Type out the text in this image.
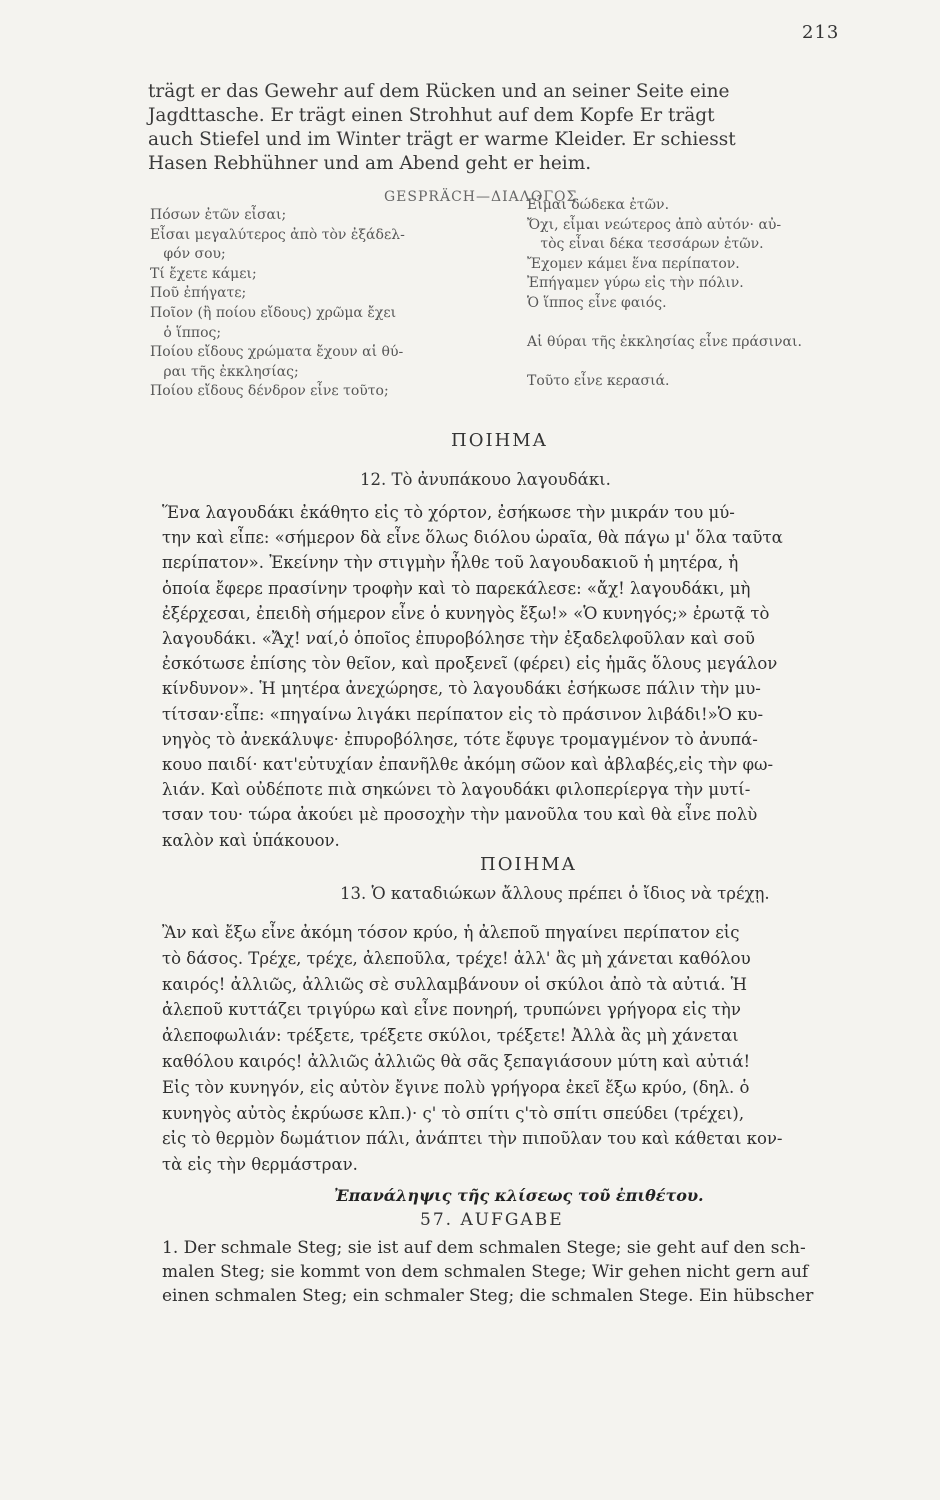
213
trägt er das Gewehr auf dem Rücken und an seiner Seite eine
Jagdttasche. Er trägt einen Strohhut auf dem Kopfe Er trägt
auch Stiefel und im Winter trägt er warme Kleider. Er schiesst
Hasen Rebhühner und am Abend geht er heim.
GESPRÄCH—ΔΙΑΛΟΓΟΣ
Πόσων ἐτῶν εἶσαι;
Εἶσαι μεγαλύτερος ἀπὸ τὸν ἐξάδελ-
φόν σου;
Τί ἔχετε κάμει;
Ποῦ ἐπήγατε;
Ποῖον (ἢ ποίου εἴδους) χρῶμα ἔχει
ὁ ἵππος;
Ποίου εἴδους χρώματα ἔχουν αἱ θύ-
ραι τῆς ἐκκλησίας;
Ποίου εἴδους δένδρον εἶνε τοῦτο;
Εἶμαι δώδεκα ἐτῶν.
Ὄχι, εἶμαι νεώτερος ἀπὸ αὐτόν· αὐ-
τὸς εἶναι δέκα τεσσάρων ἐτῶν.
Ἔχομεν κάμει ἕνα περίπατον.
Ἐπήγαμεν γύρω εἰς τὴν πόλιν.
Ὁ ἵππος εἶνε φαιός.

Αἱ θύραι τῆς ἐκκλησίας εἶνε πράσιναι.

Τοῦτο εἶνε κερασιά.
ΠΟΙΗΜΑ
12. Τὸ ἀνυπάκουο λαγουδάκι.
Ἕνα λαγουδάκι ἐκάθητο εἰς τὸ χόρτον, ἐσήκωσε τὴν μικράν του μύ-
την καὶ εἶπε: «σήμερον δὰ εἶνε ὅλως διόλου ὡραῖα, θὰ πάγω μ' ὅλα ταῦτα
περίπατον». Ἐκείνην τὴν στιγμὴν ἦλθε τοῦ λαγουδακιοῦ ἡ μητέρα, ἡ
ὁποία ἔφερε πρασίνην τροφὴν καὶ τὸ παρεκάλεσε: «ἄχ! λαγουδάκι, μὴ
ἐξέρχεσαι, ἐπειδὴ σήμερον εἶνε ὁ κυνηγὸς ἔξω!» «Ὁ κυνηγός;» ἐρωτᾷ τὸ
λαγουδάκι. «Ἄχ! ναί,ὁ ὁποῖος ἐπυροβόλησε τὴν ἐξαδελφοῦλαν καὶ σοῦ
ἐσκότωσε ἐπίσης τὸν θεῖον, καὶ προξενεῖ (φέρει) εἰς ἡμᾶς ὅλους μεγάλον
κίνδυνον». Ἡ μητέρα ἀνεχώρησε, τὸ λαγουδάκι ἐσήκωσε πάλιν τὴν μυ-
τίτσαν·εἶπε: «πηγαίνω λιγάκι περίπατον εἰς τὸ πράσινον λιβάδι!»Ὁ κυ-
νηγὸς τὸ ἀνεκάλυψε· ἐπυροβόλησε, τότε ἔφυγε τρομαγμένον τὸ ἀνυπά-
κουο παιδί· κατ'εὐτυχίαν ἐπανῆλθε ἀκόμη σῶον καὶ ἀβλαβές,εἰς τὴν φω-
λιάν. Καὶ οὐδέποτε πιὰ σηκώνει τὸ λαγουδάκι φιλοπερίεργα τὴν μυτί-
τσαν του· τώρα ἀκούει μὲ προσοχὴν τὴν μανοῦλα του καὶ θὰ εἶνε πολὺ
καλὸν καὶ ὑπάκουον.
ΠΟΙΗΜΑ
13. Ὁ καταδιώκων ἄλλους πρέπει ὁ ἴδιος νὰ τρέχῃ.
Ἂν καὶ ἔξω εἶνε ἀκόμη τόσον κρύο, ἡ ἀλεποῦ πηγαίνει περίπατον εἰς
τὸ δάσος. Τρέχε, τρέχε, ἀλεποῦλα, τρέχε! ἀλλ' ἂς μὴ χάνεται καθόλου
καιρός! ἀλλιῶς, ἀλλιῶς σὲ συλλαμβάνουν οἱ σκύλοι ἀπὸ τὰ αὐτιά. Ἡ
ἀλεποῦ κυττάζει τριγύρω καὶ εἶνε πονηρή, τρυπώνει γρήγορα εἰς τὴν
ἀλεποφωλιάν: τρέξετε, τρέξετε σκύλοι, τρέξετε! Ἀλλὰ ἂς μὴ χάνεται
καθόλου καιρός! ἀλλιῶς ἀλλιῶς θὰ σᾶς ξεπαγιάσουν μύτη καὶ αὐτιά!
Εἰς τὸν κυνηγόν, εἰς αὐτὸν ἔγινε πολὺ γρήγορα ἐκεῖ ἔξω κρύο, (δηλ. ὁ
κυνηγὸς αὐτὸς ἐκρύωσε κλπ.)· ς' τὸ σπίτι ς'τὸ σπίτι σπεύδει (τρέχει),
εἰς τὸ θερμὸν δωμάτιον πάλι, ἀνάπτει τὴν πιποῦλαν του καὶ κάθεται κον-
τὰ εἰς τὴν θερμάστραν.
Ἐπανάληψις τῆς κλίσεως τοῦ ἐπιθέτου.
57. AUFGABE
1. Der schmale Steg; sie ist auf dem schmalen Stege; sie geht auf den sch-
malen Steg; sie kommt von dem schmalen Stege; Wir gehen nicht gern auf
einen schmalen Steg; ein schmaler Steg; die schmalen Stege. Ein hübscher
